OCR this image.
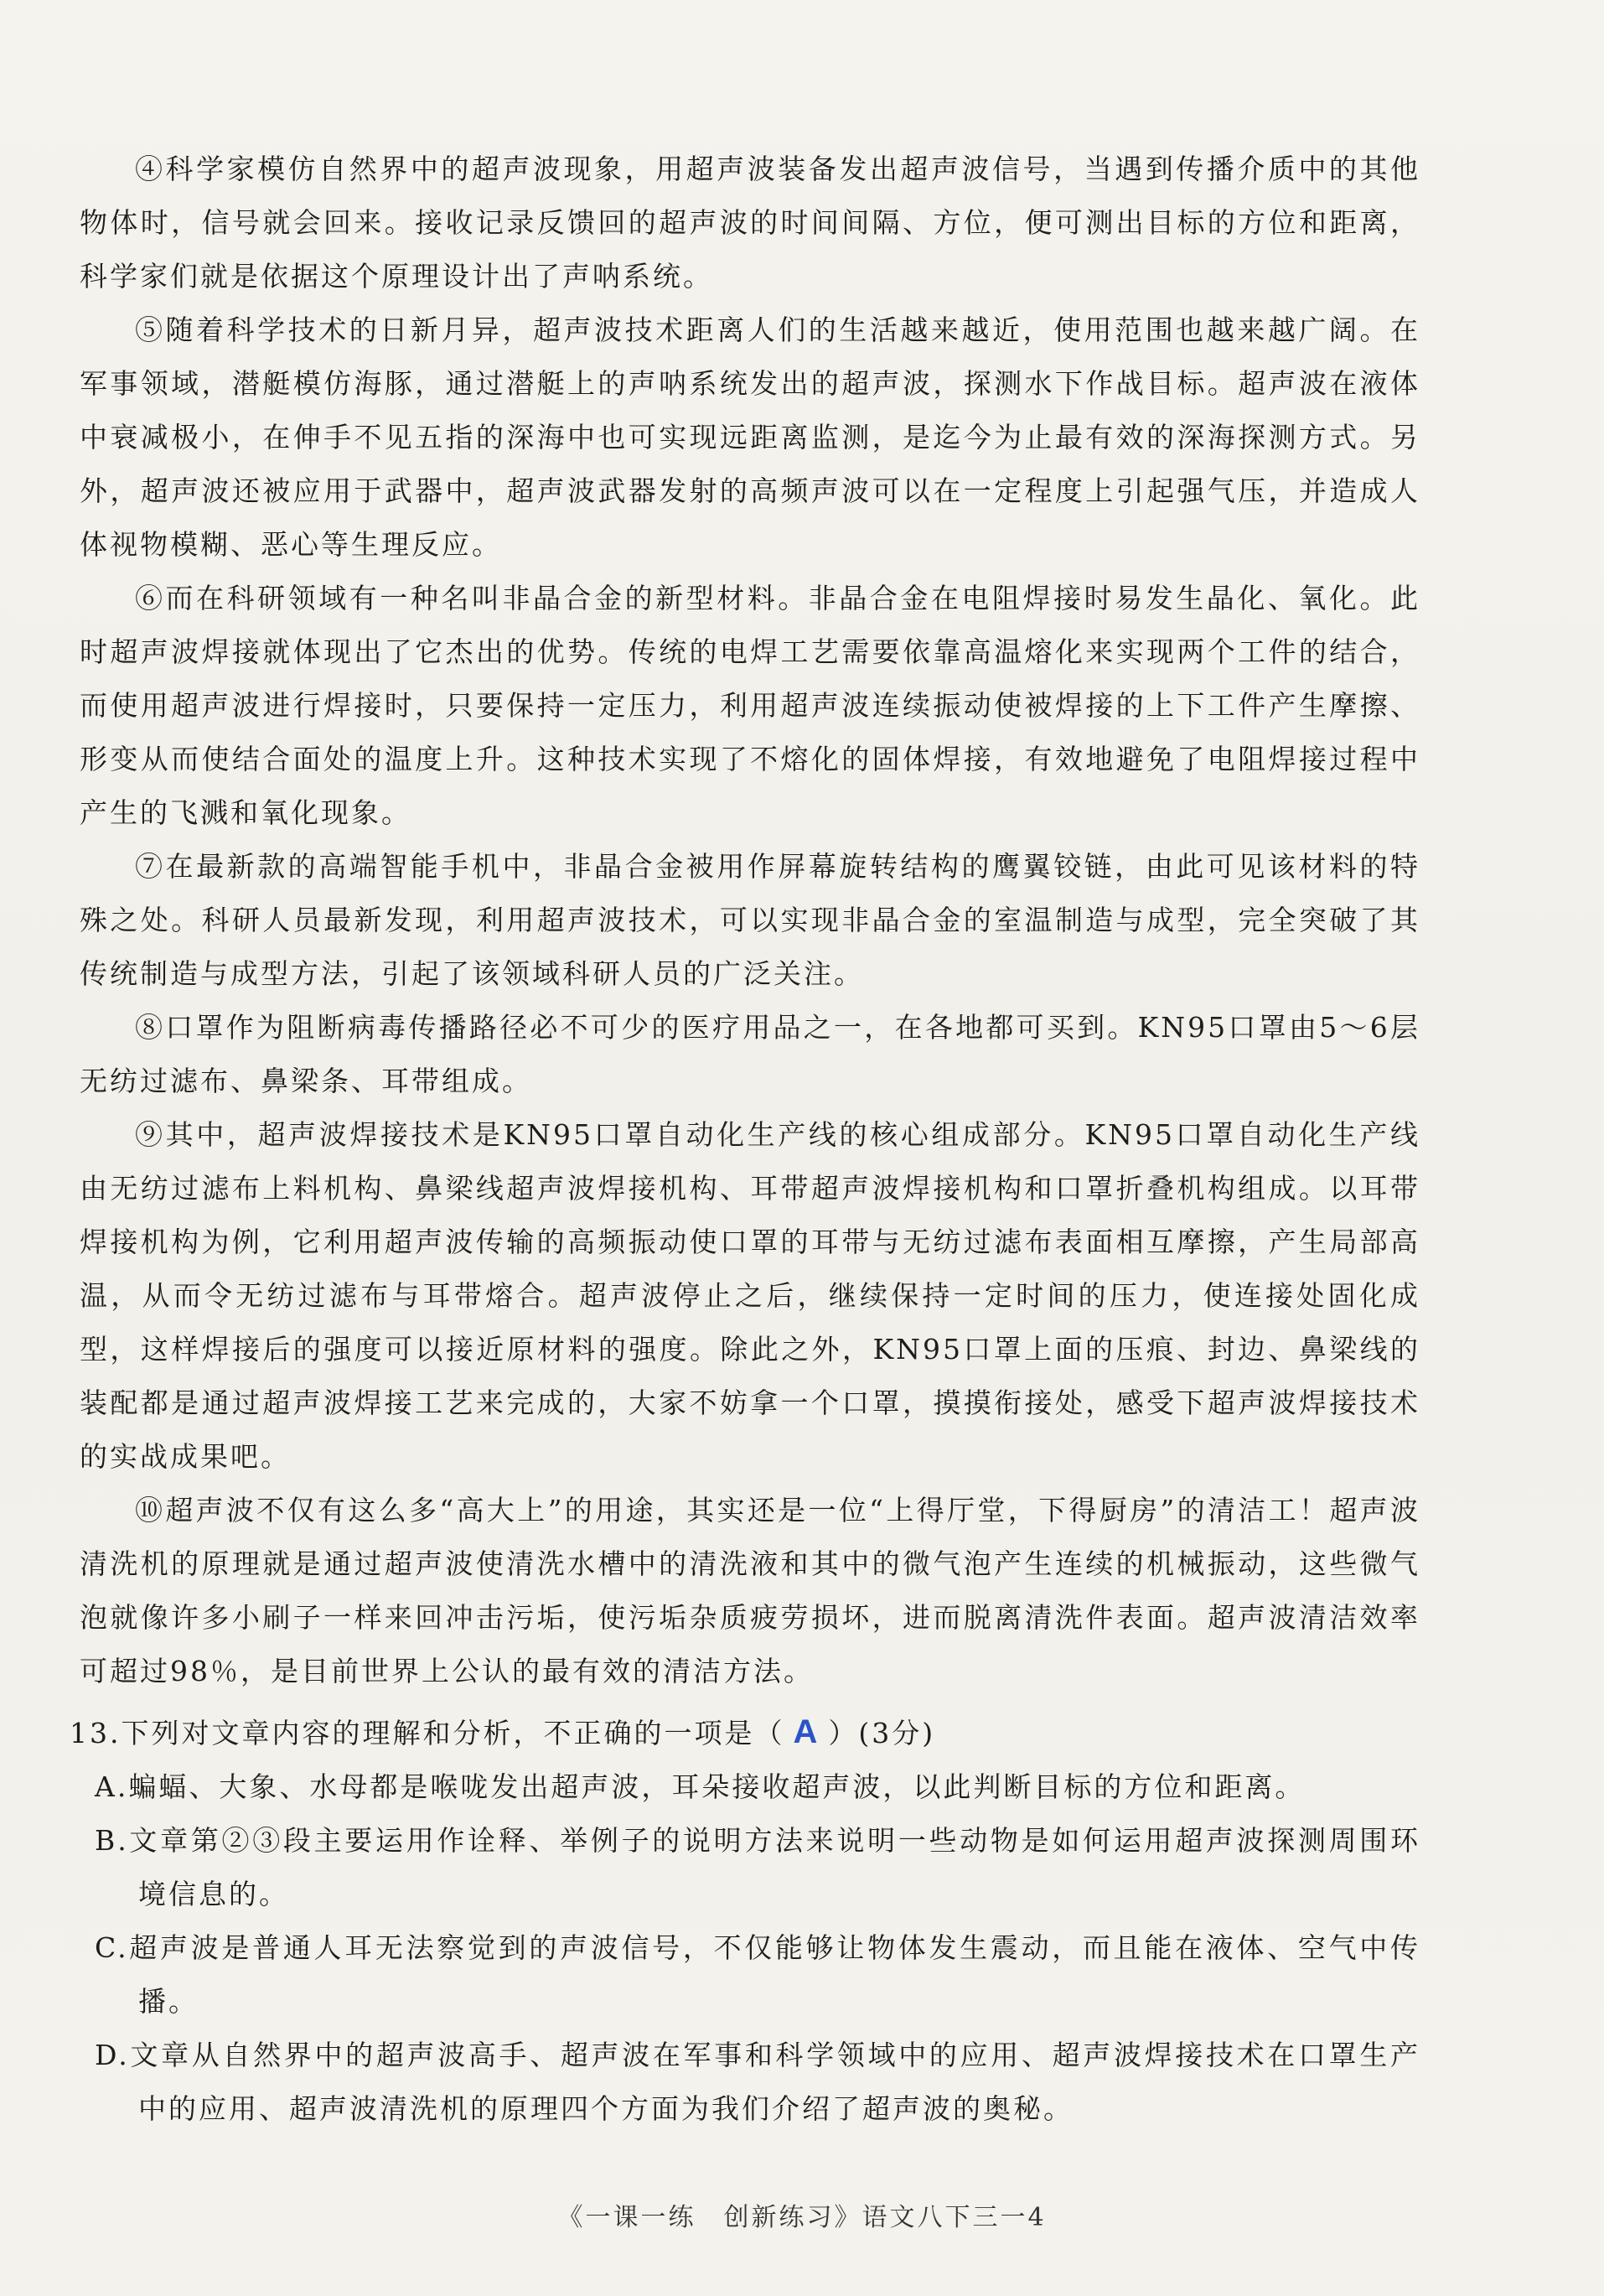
④科学家模仿自然界中的超声波现象，用超声波装备发出超声波信号，当遇到传播介质中的其他物体时，信号就会回来。接收记录反馈回的超声波的时间间隔、方位，便可测出目标的方位和距离，科学家们就是依据这个原理设计出了声呐系统。

⑤随着科学技术的日新月异，超声波技术距离人们的生活越来越近，使用范围也越来越广阔。在军事领域，潜艇模仿海豚，通过潜艇上的声呐系统发出的超声波，探测水下作战目标。超声波在液体中衰减极小，在伸手不见五指的深海中也可实现远距离监测，是迄今为止最有效的深海探测方式。另外，超声波还被应用于武器中，超声波武器发射的高频声波可以在一定程度上引起强气压，并造成人体视物模糊、恶心等生理反应。

⑥而在科研领域有一种名叫非晶合金的新型材料。非晶合金在电阻焊接时易发生晶化、氧化。此时超声波焊接就体现出了它杰出的优势。传统的电焊工艺需要依靠高温熔化来实现两个工件的结合，而使用超声波进行焊接时，只要保持一定压力，利用超声波连续振动使被焊接的上下工件产生摩擦、形变从而使结合面处的温度上升。这种技术实现了不熔化的固体焊接，有效地避免了电阻焊接过程中产生的飞溅和氧化现象。

⑦在最新款的高端智能手机中，非晶合金被用作屏幕旋转结构的鹰翼铰链，由此可见该材料的特殊之处。科研人员最新发现，利用超声波技术，可以实现非晶合金的室温制造与成型，完全突破了其传统制造与成型方法，引起了该领域科研人员的广泛关注。

⑧口罩作为阻断病毒传播路径必不可少的医疗用品之一，在各地都可买到。KN95口罩由5～6层无纺过滤布、鼻梁条、耳带组成。

⑨其中，超声波焊接技术是KN95口罩自动化生产线的核心组成部分。KN95口罩自动化生产线由无纺过滤布上料机构、鼻梁线超声波焊接机构、耳带超声波焊接机构和口罩折叠机构组成。以耳带焊接机构为例，它利用超声波传输的高频振动使口罩的耳带与无纺过滤布表面相互摩擦，产生局部高温，从而令无纺过滤布与耳带熔合。超声波停止之后，继续保持一定时间的压力，使连接处固化成型，这样焊接后的强度可以接近原材料的强度。除此之外，KN95口罩上面的压痕、封边、鼻梁线的装配都是通过超声波焊接工艺来完成的，大家不妨拿一个口罩，摸摸衔接处，感受下超声波焊接技术的实战成果吧。

⑩超声波不仅有这么多“高大上”的用途，其实还是一位“上得厅堂，下得厨房”的清洁工！超声波清洗机的原理就是通过超声波使清洗水槽中的清洗液和其中的微气泡产生连续的机械振动，这些微气泡就像许多小刷子一样来回冲击污垢，使污垢杂质疲劳损坏，进而脱离清洗件表面。超声波清洁效率可超过98％，是目前世界上公认的最有效的清洁方法。

13.下列对文章内容的理解和分析，不正确的一项是（ A ）(3分)

A.蝙蝠、大象、水母都是喉咙发出超声波，耳朵接收超声波，以此判断目标的方位和距离。

B.文章第②③段主要运用作诠释、举例子的说明方法来说明一些动物是如何运用超声波探测周围环境信息的。

C.超声波是普通人耳无法察觉到的声波信号，不仅能够让物体发生震动，而且能在液体、空气中传播。

D.文章从自然界中的超声波高手、超声波在军事和科学领域中的应用、超声波焊接技术在口罩生产中的应用、超声波清洗机的原理四个方面为我们介绍了超声波的奥秘。

《一课一练　创新练习》语文八下三一4
